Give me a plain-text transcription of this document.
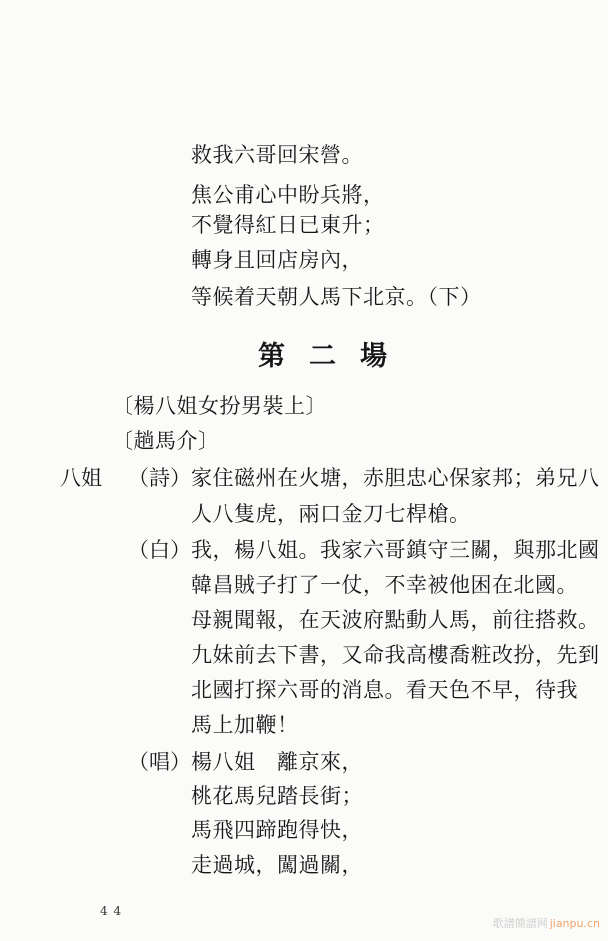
救我六哥回宋營。
焦公甫心中盼兵將，
不覺得紅日已東升；
轉身且回店房內，
等候着天朝人馬下北京。（下）
第二場
〔楊八姐女扮男裝上〕
〔趟馬介〕
八姐 （詩） 家住磁州在火塘，赤胆忠心保家邦；弟兄八
人八隻虎，兩口金刀七桿槍。
（白） 我，楊八姐。我家六哥鎮守三關，與那北國
韓昌賊子打了一仗，不幸被他困在北國。
母親聞報，在天波府點動人馬，前往搭救。
九妹前去下書，又命我高樓喬粧改扮，先到
北國打探六哥的消息。看天色不早，待我
馬上加鞭！
（唱） 楊八姐　離京來，
桃花馬兒踏長街；
馬飛四蹄跑得快，
走過城，闖過關，
4 4
歌譜簡譜网 jianpu.cn
